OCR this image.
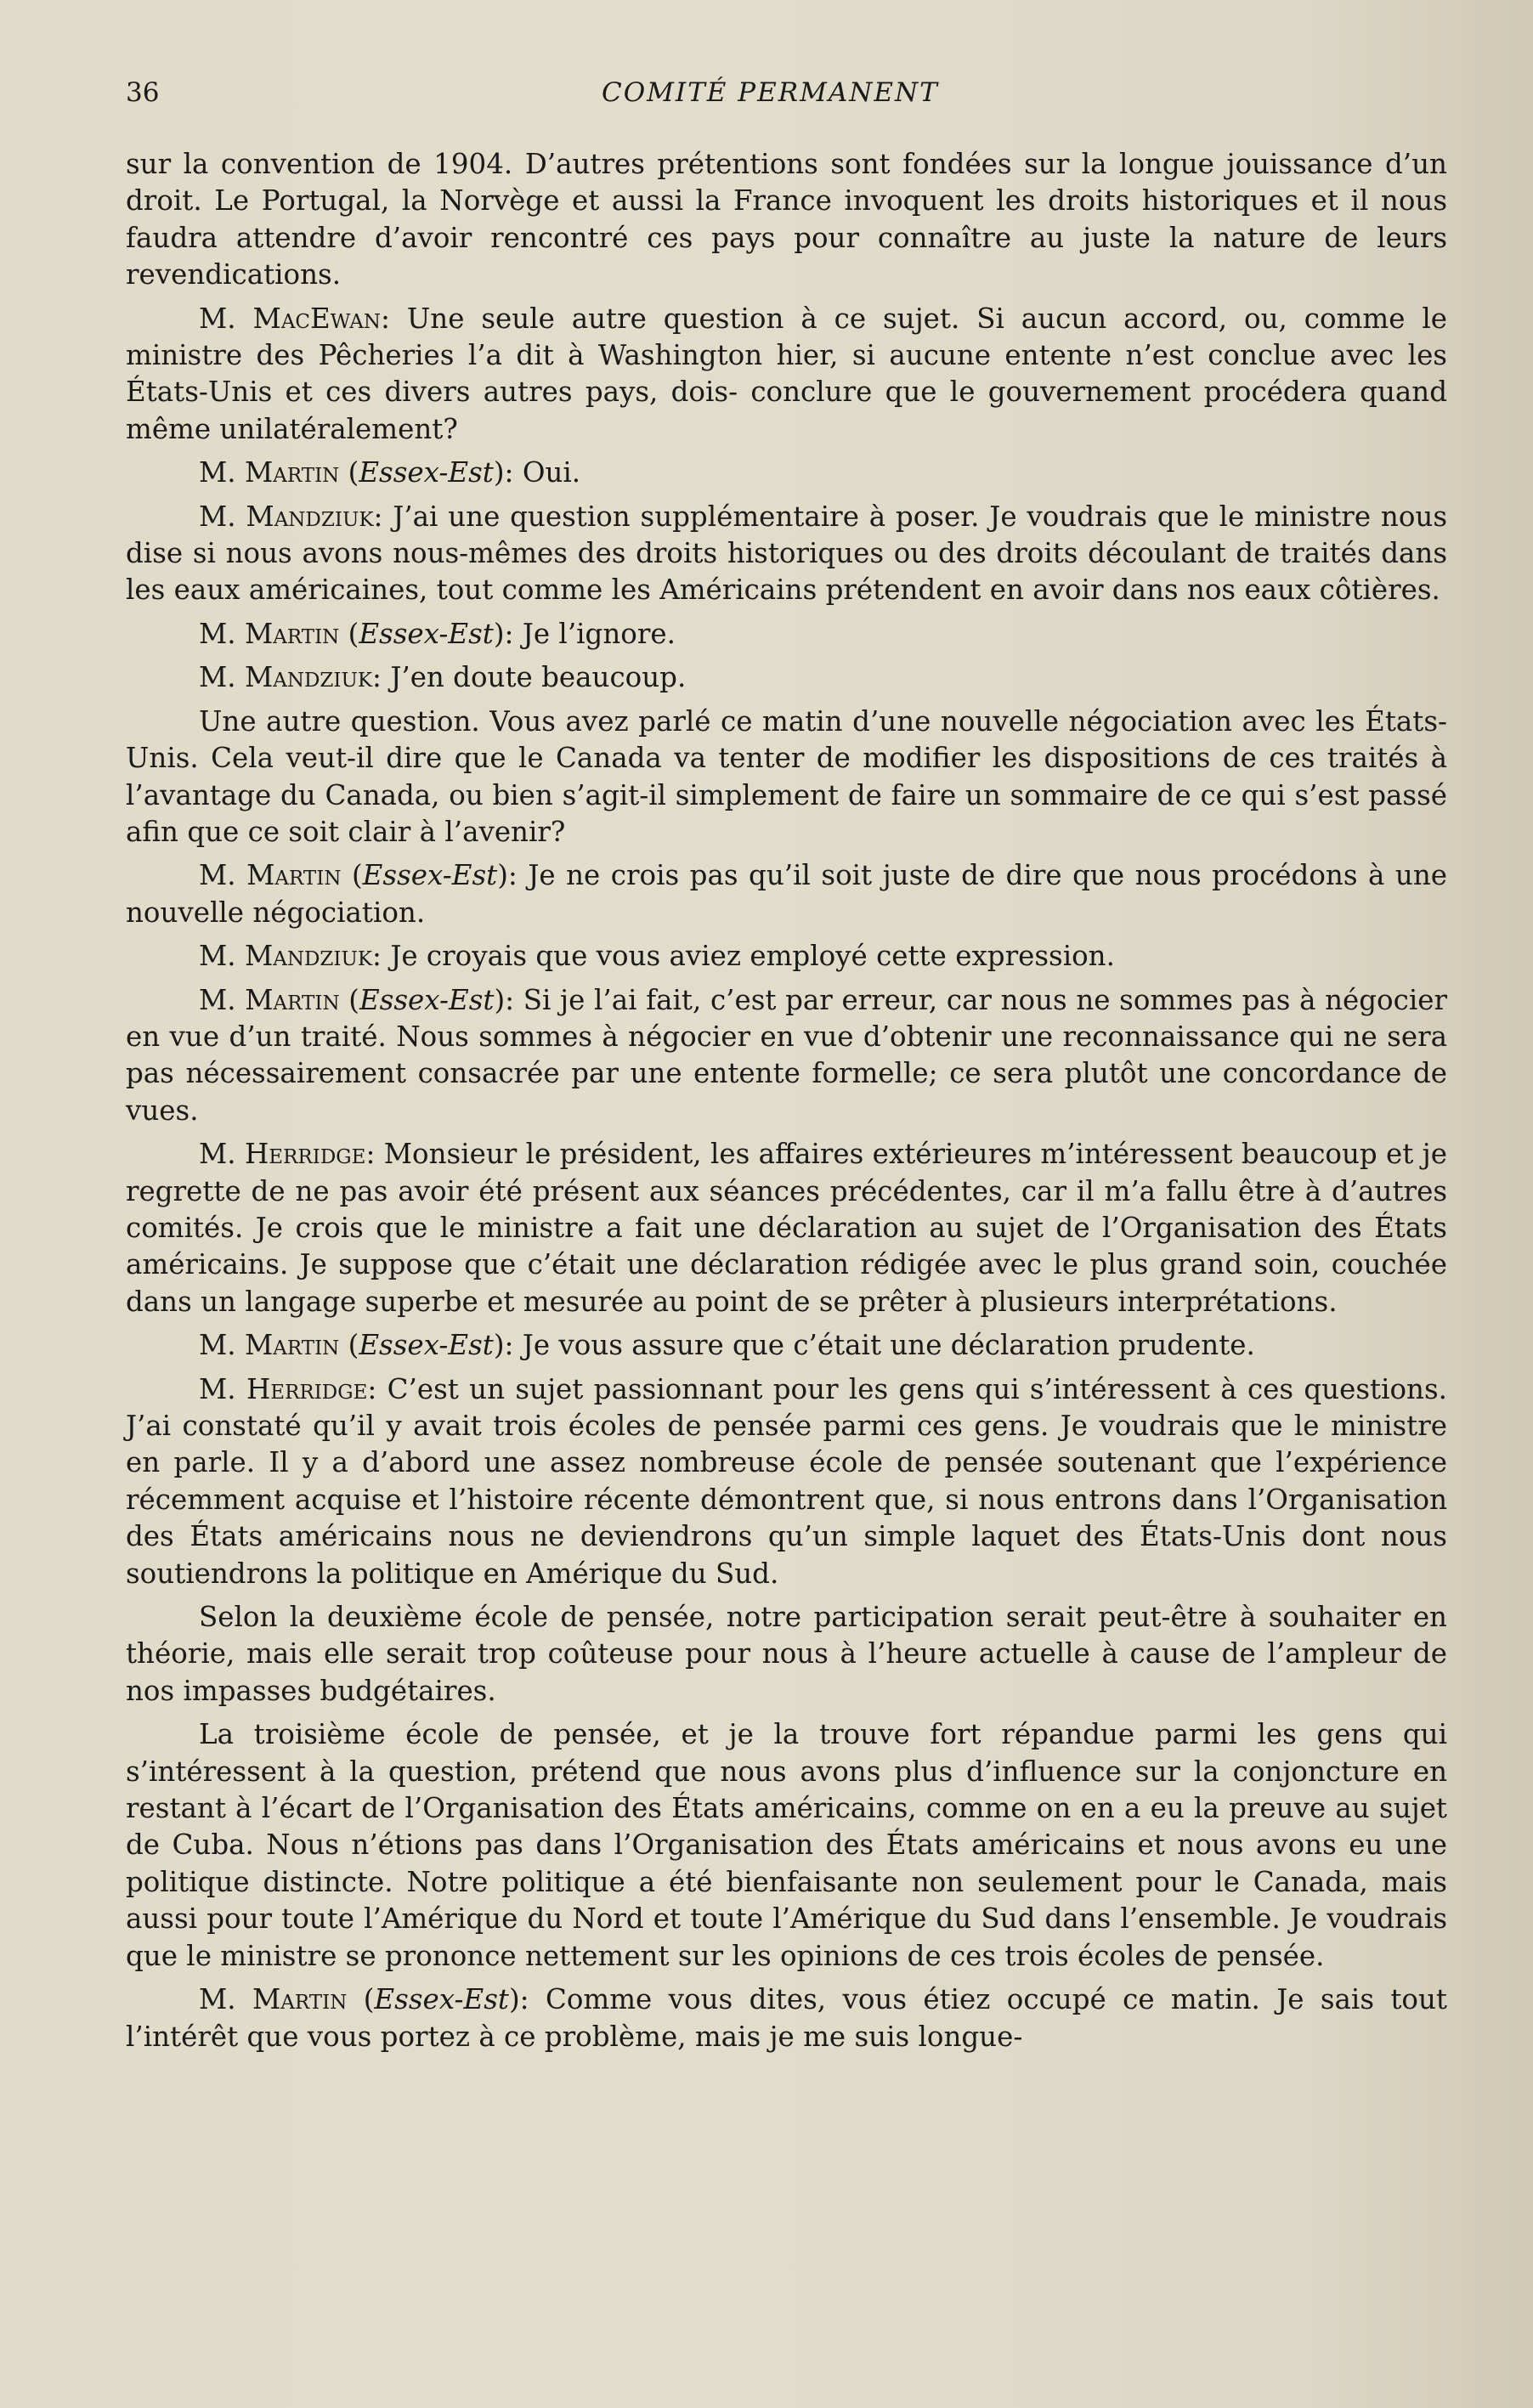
36	COMITÉ PERMANENT

sur la convention de 1904. D’autres prétentions sont fondées sur la longue jouissance d’un droit. Le Portugal, la Norvège et aussi la France invoquent les droits historiques et il nous faudra attendre d’avoir rencontré ces pays pour connaître au juste la nature de leurs revendications.

M. MacEwan: Une seule autre question à ce sujet. Si aucun accord, ou, comme le ministre des Pêcheries l’a dit à Washington hier, si aucune entente n’est conclue avec les États-Unis et ces divers autres pays, dois- conclure que le gouvernement procédera quand même unilatéralement?

M. Martin (Essex-Est): Oui.

M. Mandziuk: J’ai une question supplémentaire à poser. Je voudrais que le ministre nous dise si nous avons nous-mêmes des droits historiques ou des droits découlant de traités dans les eaux américaines, tout comme les Américains prétendent en avoir dans nos eaux côtières.

M. Martin (Essex-Est): Je l’ignore.

M. Mandziuk: J’en doute beaucoup.

Une autre question. Vous avez parlé ce matin d’une nouvelle négociation avec les États-Unis. Cela veut-il dire que le Canada va tenter de modifier les dispositions de ces traités à l’avantage du Canada, ou bien s’agit-il simplement de faire un sommaire de ce qui s’est passé afin que ce soit clair à l’avenir?

M. Martin (Essex-Est): Je ne crois pas qu’il soit juste de dire que nous procédons à une nouvelle négociation.

M. Mandziuk: Je croyais que vous aviez employé cette expression.

M. Martin (Essex-Est): Si je l’ai fait, c’est par erreur, car nous ne sommes pas à négocier en vue d’un traité. Nous sommes à négocier en vue d’obtenir une reconnaissance qui ne sera pas nécessairement consacrée par une entente formelle; ce sera plutôt une concordance de vues.

M. Herridge: Monsieur le président, les affaires extérieures m’intéressent beaucoup et je regrette de ne pas avoir été présent aux séances précédentes, car il m’a fallu être à d’autres comités. Je crois que le ministre a fait une déclaration au sujet de l’Organisation des États américains. Je suppose que c’était une déclaration rédigée avec le plus grand soin, couchée dans un langage superbe et mesurée au point de se prêter à plusieurs interprétations.

M. Martin (Essex-Est): Je vous assure que c’était une déclaration prudente.

M. Herridge: C’est un sujet passionnant pour les gens qui s’intéressent à ces questions. J’ai constaté qu’il y avait trois écoles de pensée parmi ces gens. Je voudrais que le ministre en parle. Il y a d’abord une assez nombreuse école de pensée soutenant que l’expérience récemment acquise et l’histoire récente démontrent que, si nous entrons dans l’Organisation des États américains nous ne deviendrons qu’un simple laquet des États-Unis dont nous soutiendrons la politique en Amérique du Sud.

Selon la deuxième école de pensée, notre participation serait peut-être à souhaiter en théorie, mais elle serait trop coûteuse pour nous à l’heure actuelle à cause de l’ampleur de nos impasses budgétaires.

La troisième école de pensée, et je la trouve fort répandue parmi les gens qui s’intéressent à la question, prétend que nous avons plus d’influence sur la conjoncture en restant à l’écart de l’Organisation des États américains, comme on en a eu la preuve au sujet de Cuba. Nous n’étions pas dans l’Organisation des États américains et nous avons eu une politique distincte. Notre politique a été bienfaisante non seulement pour le Canada, mais aussi pour toute l’Amérique du Nord et toute l’Amérique du Sud dans l’ensemble. Je voudrais que le ministre se prononce nettement sur les opinions de ces trois écoles de pensée.

M. Martin (Essex-Est): Comme vous dites, vous étiez occupé ce matin. Je sais tout l’intérêt que vous portez à ce problème, mais je me suis longue-
